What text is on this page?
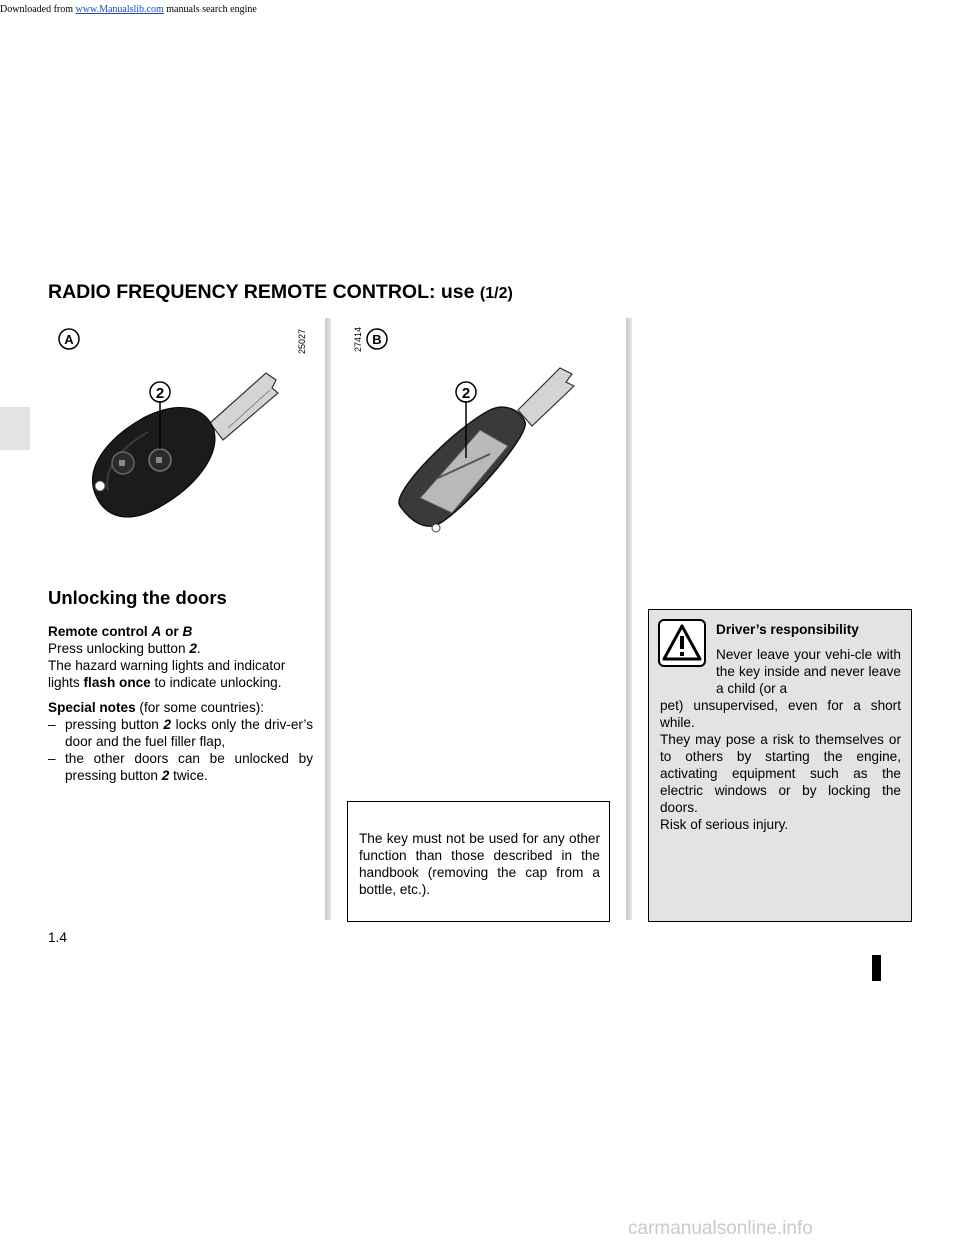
Downloaded from www.Manualslib.com manuals search engine
RADIO FREQUENCY REMOTE CONTROL: use (1/2)
A
2
25027	B
2
27414
Unlocking the doors

Remote control A or B

Press unlocking button 2.

The hazard warning lights and indicator lights flash once to indicate unlocking.

Special notes (for some countries):

– pressing button 2 locks only the driv-er’s door and the fuel filler flap,
– the other doors can be unlocked by pressing button 2 twice.
The key must not be used for any other function than those described in the handbook (removing the cap from a bottle, etc.).
Driver’s responsibility
Never leave your vehi-cle with the key inside and never leave a child (or a
pet) unsupervised, even for a short while.
They may pose a risk to themselves or to others by starting the engine, activating equipment such as the electric windows or by locking the doors.
Risk of serious injury.
1.4
carmanualsonline.info
